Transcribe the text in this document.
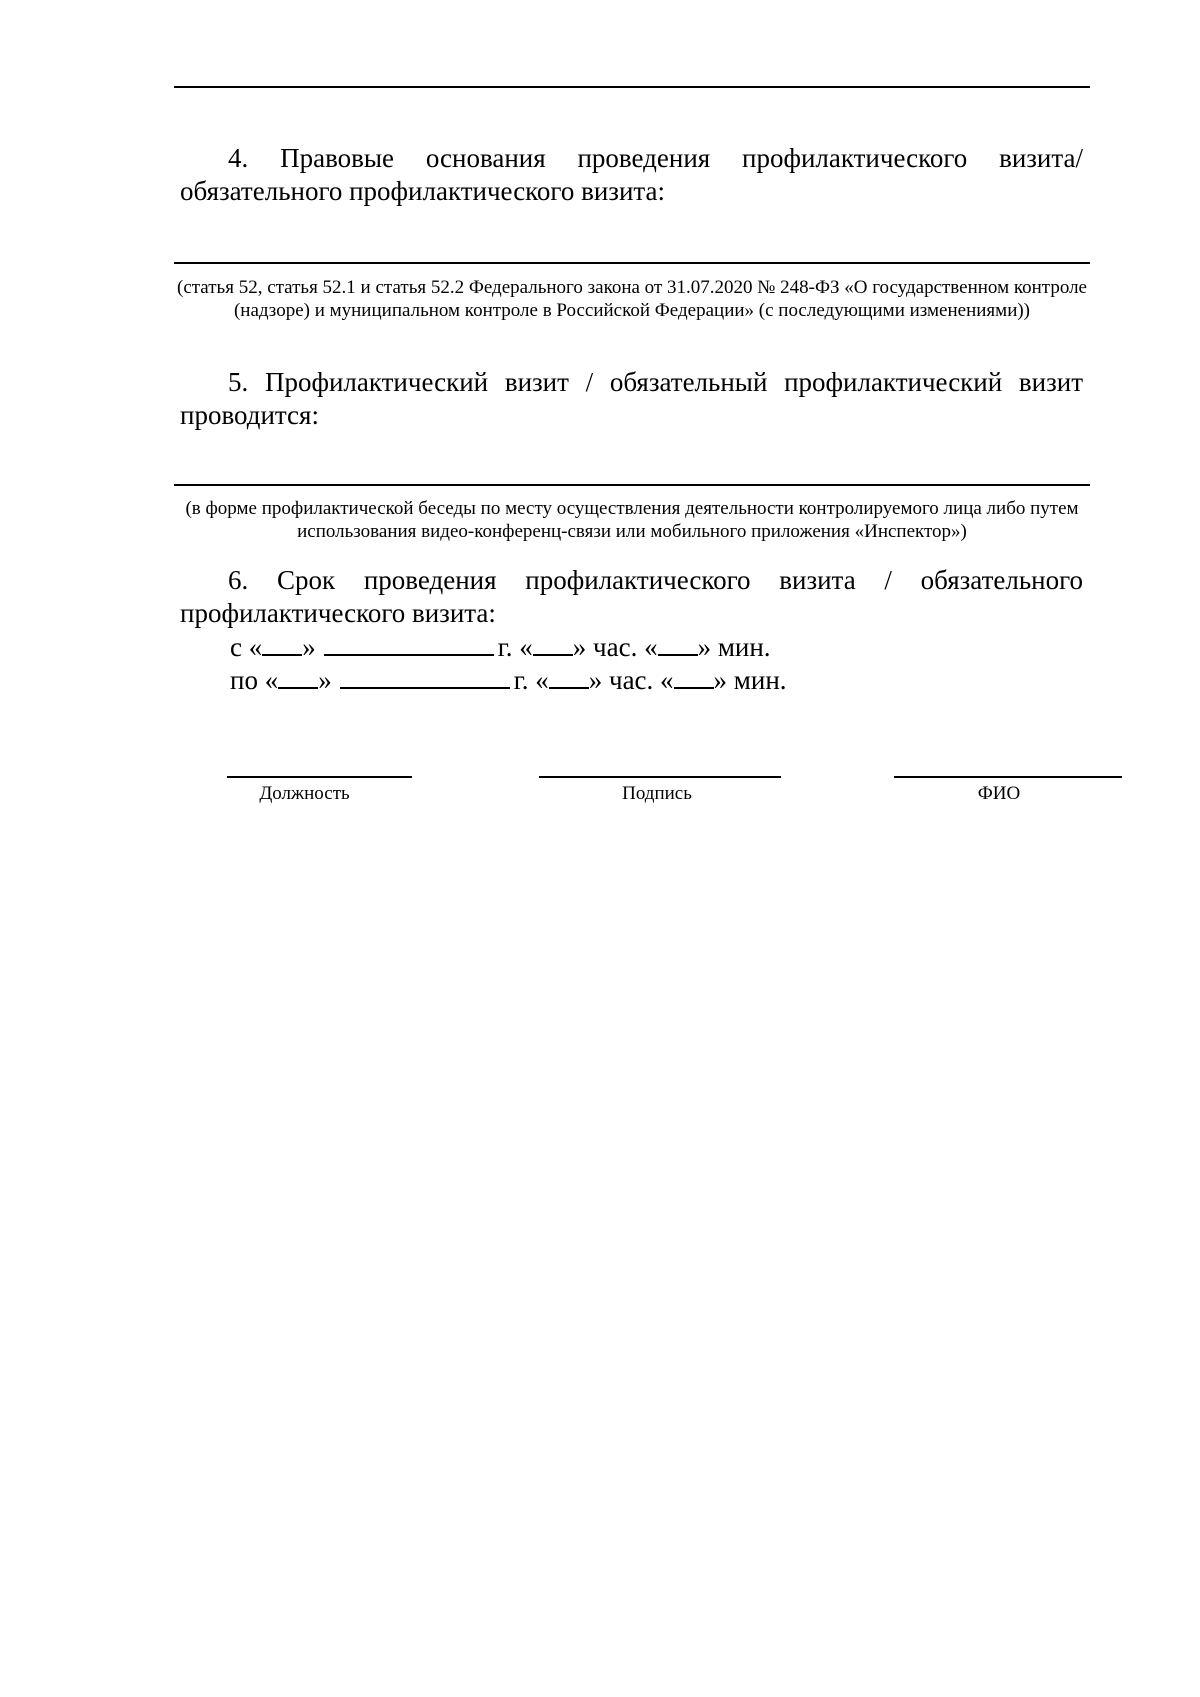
4. Правовые основания проведения профилактического визита/ обязательного профилактического визита:
(статья 52, статья 52.1 и статья 52.2 Федерального закона от 31.07.2020 № 248-ФЗ «О государственном контроле (надзоре) и муниципальном контроле в Российской Федерации» (с последующими изменениями))
5. Профилактический визит / обязательный профилактический визит проводится:
(в форме профилактической беседы по месту осуществления деятельности контролируемого лица либо путем использования видео-конференц-связи или мобильного приложения «Инспектор»)
6. Срок проведения профилактического визита / обязательного профилактического визита:
с « »	г. « » час. « » мин.
по « »	г. « » час. « » мин.
Должность	Подпись	ФИО
